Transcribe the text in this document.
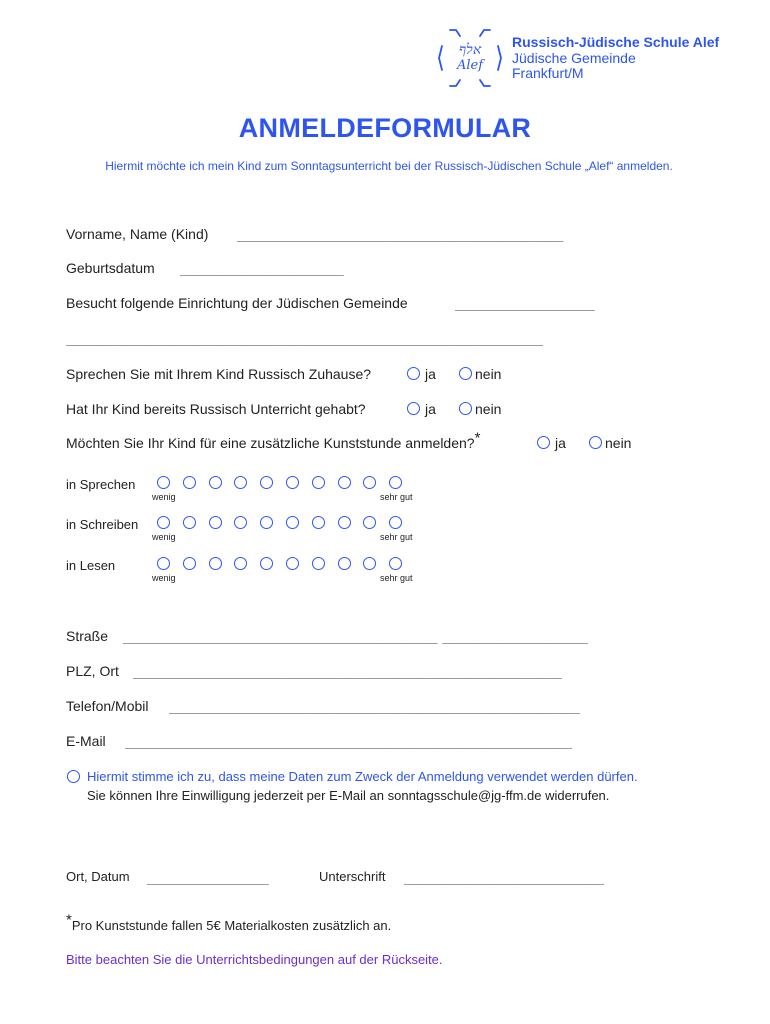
אלף
Alef
Russisch-Jüdische Schule Alef
Jüdische Gemeinde
Frankfurt/M
ANMELDEFORMULAR
Hiermit möchte ich mein Kind zum Sonntagsunterricht bei der Russisch-Jüdischen Schule „Alef“ anmelden.
Vorname, Name (Kind) ______________________________________________________
Geburtsdatum ___________________________
Besucht folgende Einrichtung der Jüdischen Gemeinde	_______________________
_______________________________________________________________________________
Sprechen Sie mit Ihrem Kind Russisch Zuhause?	ja	nein
Hat Ihr Kind bereits Russisch Unterricht gehabt?	ja	nein
Möchten Sie Ihr Kind für eine zusätzliche Kunststunde anmelden?*	ja	nein
in Sprechen
wenig	sehr gut
in Schreiben
wenig	sehr gut
in Lesen
wenig	sehr gut
Straße ____________________________________________________ ________________________
PLZ, Ort _______________________________________________________________________
Telefon/Mobil ____________________________________________________________________
E-Mail __________________________________________________________________________
Hiermit stimme ich zu, dass meine Daten zum Zweck der Anmeldung verwendet werden dürfen.
Sie können Ihre Einwilligung jederzeit per E-Mail an sonntagsschule@jg-ffm.de widerrufen.
Ort, Datum ____________________	Unterschrift _________________________________
*Pro Kunststunde fallen 5€ Materialkosten zusätzlich an.
Bitte beachten Sie die Unterrichtsbedingungen auf der Rückseite.
